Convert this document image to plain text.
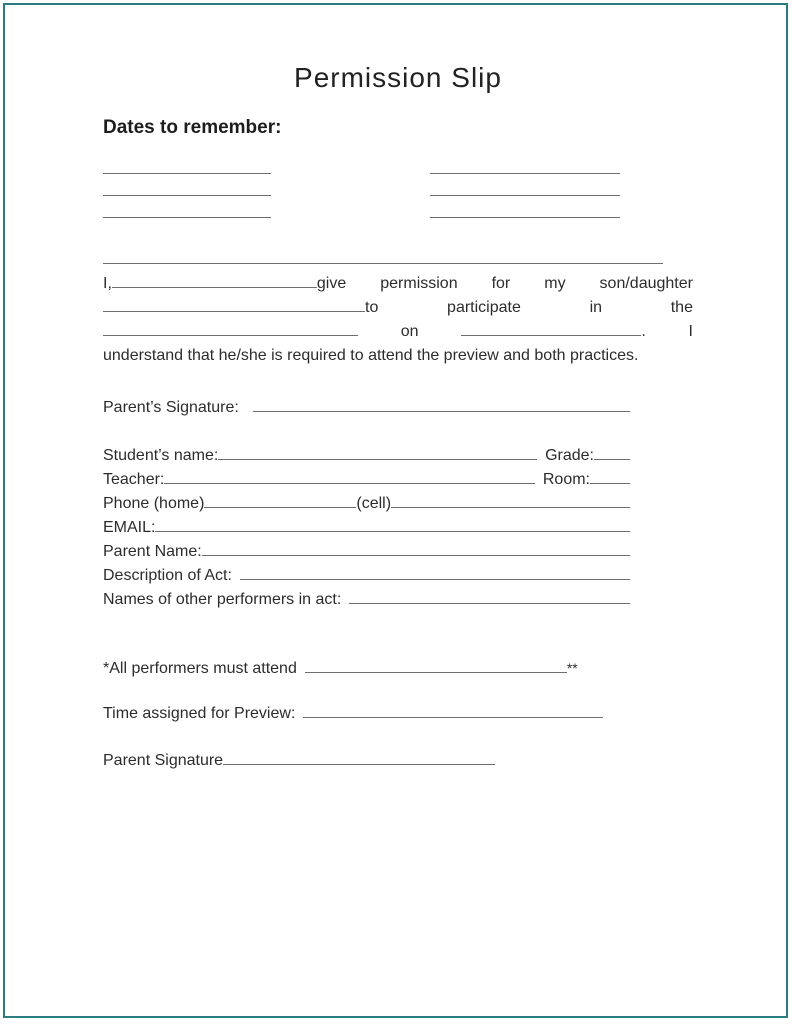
Permission Slip
Dates to remember:
I,	give permission for my son/daughter
to	participate	in	the
on	.	I
understand that he/she is required to attend the preview and both practices.
Parent’s Signature:
Student’s name:	Grade:
Teacher:	Room:
Phone (home)	(cell)
EMAIL:
Parent Name:
Description of Act:
Names of other performers in act:
*All performers must attend	**
Time assigned for Preview:
Parent Signature
